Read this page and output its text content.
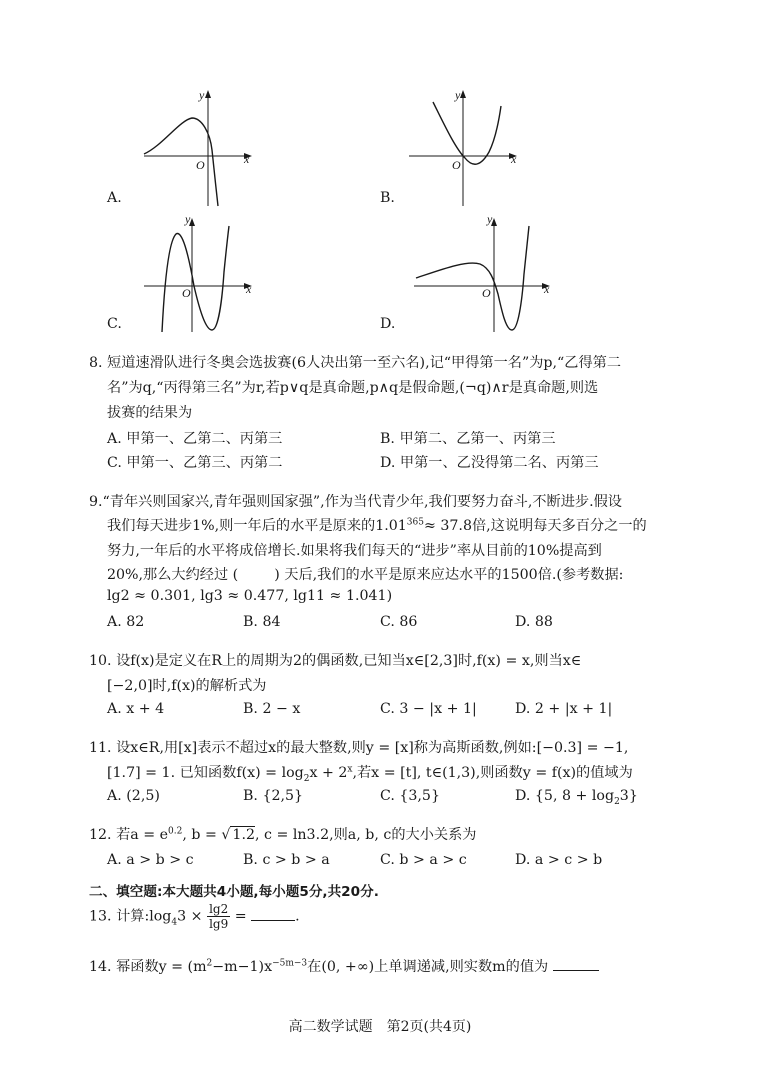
y
x
O
A.
y
x
O
B.
y
x
O
C.
y
x
O
D.
8. 短道速滑队进行冬奥会选拔赛(6人决出第一至六名),记“甲得第一名”为p,“乙得第二
名”为q,“丙得第三名”为r,若p∨q是真命题,p∧q是假命题,(¬q)∧r是真命题,则选
拔赛的结果为
A. 甲第一、乙第二、丙第三	B. 甲第二、乙第一、丙第三
C. 甲第一、乙第三、丙第二	D. 甲第一、乙没得第二名、丙第三
9.“青年兴则国家兴,青年强则国家强”,作为当代青少年,我们要努力奋斗,不断进步.假设
我们每天进步1%,则一年后的水平是原来的$1.01^{365}\approx 37.8$倍,这说明每天多百分之一的
努力,一年后的水平将成倍增长.如果将我们每天的“进步”率从目前的10%提高到
20%,那么大约经过 (	) 天后,我们的水平是原来应达水平的1500倍.(参考数据:
lg2 ≈ 0.301, lg3 ≈ 0.477, lg11 ≈ 1.041)
A. 82	B. 84	C. 86	D. 88
10. 设f(x)是定义在R上的周期为2的偶函数,已知当x∈[2,3]时,f(x) = x,则当x∈
[−2,0]时,f(x)的解析式为
A. x + 4	B. 2 − x	C. 3 − |x + 1|	D. 2 + |x + 1|
11. 设x∈R,用[x]表示不超过x的最大整数,则y = [x]称为高斯函数,例如:[−0.3] = −1,
[1.7] = 1. 已知函数$f(x) = \log_2x + 2^x$,若x = [t], t∈(1,3),则函数y = f(x)的值域为
A. (2,5)	B. {2,5}	C. {3,5}	D. {5, $8 + \log_23$}
12. 若$a = e^{0.2}$, b = √ 1.2, c = ln3.2,则a, b, c的大小关系为
A. a > b > c	B. c > b > a	C. b > a > c	D. a > c > b
二、填空题:本大题共4小题,每小题5分,共20分.
13. 计算$:\log_43 \times \frac{\lg 2}{\lg 9}$ =	.
14. 幂函数$y = (m^2-m-1)x^{-5m-3}$在(0, +∞)上单调递减,则实数m的值为
高二数学试题　第2页(共4页)
